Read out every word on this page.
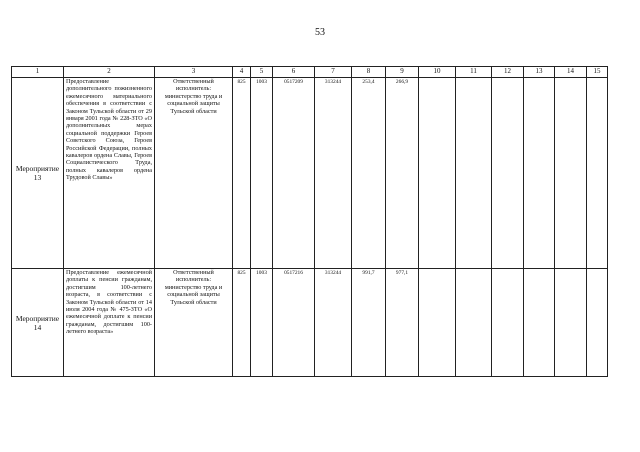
53
1	2	3	4	5	6	7	8	9	10	11	12	13	14	15
Мероприятие 13	Предоставление дополнительного пожизненного ежемесячного материального обеспечения в соответствии с Законом Тульской области от 29 января 2001 года № 228-ЗТО «О дополнительных мерах социальной поддержки Героев Советского Союза, Героев Российской Федерации, полных кавалеров ордена Славы, Героев Социалистического Труда, полных кавалеров ордена Трудовой Славы»	Ответственный исполнитель: министерство труда и социальной защиты Тульской области	825	1003	0517209	313244	253,4	266,9						
Мероприятие 14	Предоставление ежемесячной доплаты к пенсии гражданам, достигшим 100-летнего возраста, в соответствии с Законом Тульской области от 14 июля 2004 года № 475-ЗТО «О ежемесячной доплате к пенсии гражданам, достигшим 100-летнего возраста»	Ответственный исполнитель: министерство труда и социальной защиты Тульской области	825	1003	0517216	313244	991,7	977,1						
